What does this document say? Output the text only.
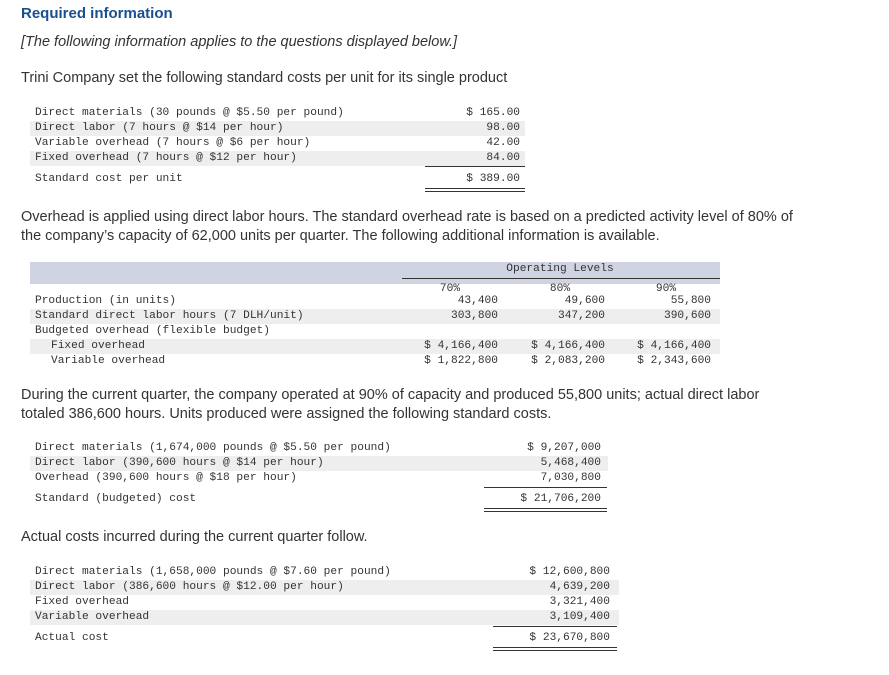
Required information
[The following information applies to the questions displayed below.]
Trini Company set the following standard costs per unit for its single product
Direct materials (30 pounds @ $5.50 per pound)	$ 165.00
Direct labor (7 hours @ $14 per hour)	98.00
Variable overhead (7 hours @ $6 per hour)	42.00
Fixed overhead (7 hours @ $12 per hour)	84.00
Standard cost per unit	$ 389.00
Overhead is applied using direct labor hours. The standard overhead rate is based on a predicted activity level of 80% of
the company’s capacity of 62,000 units per quarter. The following additional information is available.
Operating Levels
70%	80%	90%
Production (in units)	43,400	49,600	55,800
Standard direct labor hours (7 DLH/unit)	303,800	347,200	390,600
Budgeted overhead (flexible budget)
Fixed overhead	$ 4,166,400	$ 4,166,400	$ 4,166,400
Variable overhead	$ 1,822,800	$ 2,083,200	$ 2,343,600
During the current quarter, the company operated at 90% of capacity and produced 55,800 units; actual direct labor
totaled 386,600 hours. Units produced were assigned the following standard costs.
Direct materials (1,674,000 pounds @ $5.50 per pound)	$ 9,207,000
Direct labor (390,600 hours @ $14 per hour)	5,468,400
Overhead (390,600 hours @ $18 per hour)	7,030,800
Standard (budgeted) cost	$ 21,706,200
Actual costs incurred during the current quarter follow.
Direct materials (1,658,000 pounds @ $7.60 per pound)	$ 12,600,800
Direct labor (386,600 hours @ $12.00 per hour)	4,639,200
Fixed overhead	3,321,400
Variable overhead	3,109,400
Actual cost	$ 23,670,800
